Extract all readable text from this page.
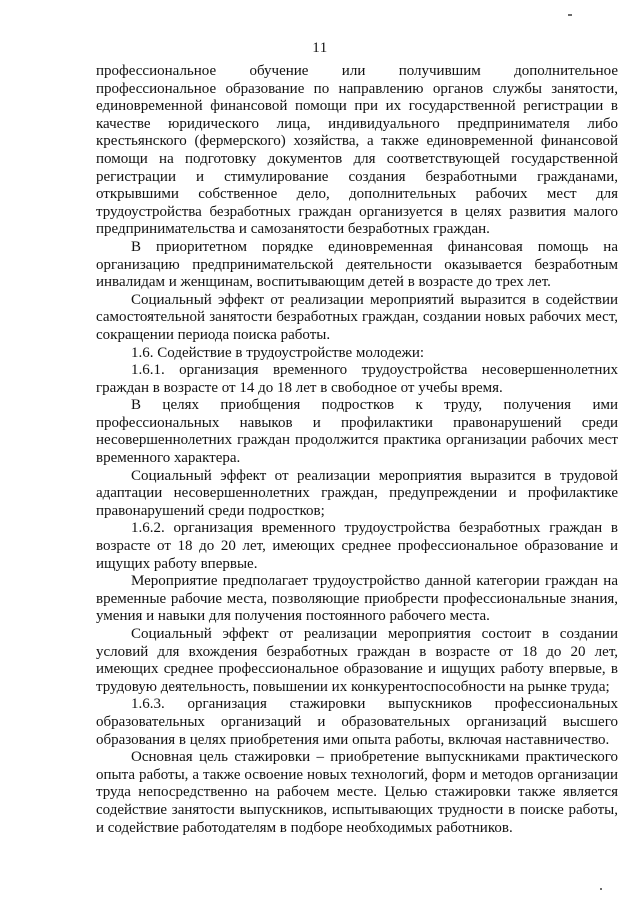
11

профессиональное обучение или получившим дополнительное профессиональное образование по направлению органов службы занятости, единовременной финансовой помощи при их государственной регистрации в качестве юридического лица, индивидуального предпринимателя либо крестьянского (фермерского) хозяйства, а также единовременной финансовой помощи на подготовку документов для соответствующей государственной регистрации и стимулирование создания безработными гражданами, открывшими собственное дело, дополнительных рабочих мест для трудоустройства безработных граждан организуется в целях развития малого предпринимательства и самозанятости безработных граждан.

В приоритетном порядке единовременная финансовая помощь на организацию предпринимательской деятельности оказывается безработным инвалидам и женщинам, воспитывающим детей в возрасте до трех лет.

Социальный эффект от реализации мероприятий выразится в содействии самостоятельной занятости безработных граждан, создании новых рабочих мест, сокращении периода поиска работы.

1.6. Содействие в трудоустройстве молодежи:

1.6.1. организация временного трудоустройства несовершеннолетних граждан в возрасте от 14 до 18 лет в свободное от учебы время.

В целях приобщения подростков к труду, получения ими профессиональных навыков и профилактики правонарушений среди несовершеннолетних граждан продолжится практика организации рабочих мест временного характера.

Социальный эффект от реализации мероприятия выразится в трудовой адаптации несовершеннолетних граждан, предупреждении и профилактике правонарушений среди подростков;

1.6.2. организация временного трудоустройства безработных граждан в возрасте от 18 до 20 лет, имеющих среднее профессиональное образование и ищущих работу впервые.

Мероприятие предполагает трудоустройство данной категории граждан на временные рабочие места, позволяющие приобрести профессиональные знания, умения и навыки для получения постоянного рабочего места.

Социальный эффект от реализации мероприятия состоит в создании условий для вхождения безработных граждан в возрасте от 18 до 20 лет, имеющих среднее профессиональное образование и ищущих работу впервые, в трудовую деятельность, повышении их конкурентоспособности на рынке труда;

1.6.3. организация стажировки выпускников профессиональных образовательных организаций и образовательных организаций высшего образования в целях приобретения ими опыта работы, включая наставничество.

Основная цель стажировки – приобретение выпускниками практического опыта работы, а также освоение новых технологий, форм и методов организации труда непосредственно на рабочем месте. Целью стажировки также является содействие занятости выпускников, испытывающих трудности в поиске работы, и содействие работодателям в подборе необходимых работников.
